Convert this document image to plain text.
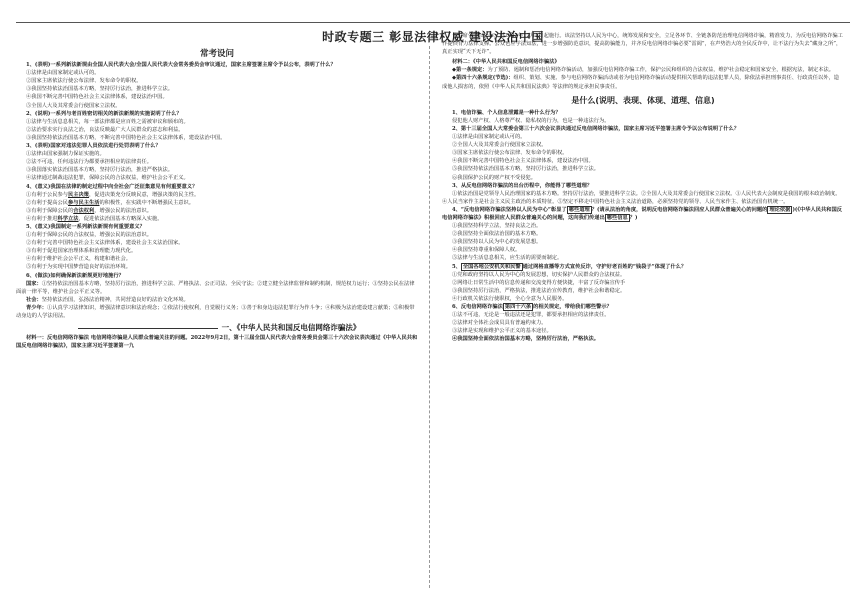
时政专题三 彰显法律权威 建设法治中国
常考设问

1、(表明)一系列新法新规由全国人民代表大会/全国人民代表大会常务委员会审议通过，国家主席签署主席令予以公布，表明了什么？

①法律是由国家制定或认可的。

②国家主席依法行使公布法律、发布命令的职权。

③我国坚持依法治国基本方略，坚持厉行法治，推进科学立法。

④我国不断完善中国特色社会主义法律体系，建设法治中国。

⑤全国人大及其常委会行使国家立法权。

2、(说明)一系列与老百姓密切相关的新法新规的实施说明了什么？

①法律与生活息息相关，每一部法律都是应百姓之需被审议和颁布的。

②法治要求实行良法之治，良法反映最广大人民群众的意志和利益。

③我国坚持依法治国基本方略，不断完善中国特色社会主义法律体系，建设法治中国。

3、(表明)国家对违法犯罪人员依法进行处罚表明了什么？

①法律由国家强制力保证实施的。

②法不可违，任何违法行为都要承担相应的法律责任。

③我国落实依法治国基本方略，坚持厉行法治，推进严格执法。

④法律通过制裁违法犯罪，保障公民的合法权益，维护社会公平正义。

4、(意义)我国在法律的制定过程中向全社会广泛征集意见有何重要意义？

①有利于公民参与民主决策，促进决策充分反映民意，增强决策的民主性。

②有利于提高公民参与民主生活的积极性，在实践中不断增强民主意识。

③有利于保障公民的合法权利，增强公民的法治意识。

④有利于推进科学立法，促进依法治国基本方略深入实施。

5、(意义)我国制定一系列新法新规有何重要意义？

①有利于保障公民的合法权益，增强公民的法治意识。

②有利于完善中国特色社会主义法律体系，建设社会主义法治国家。

③有利于促进国家治理体系和治理能力现代化。

④有利于维护社会公平正义，构建和谐社会。

⑤有利于为实现中国梦营造良好的法治环境。

6、(做法)如何确保新法新规更好地施行？

国家：①坚持依法治国基本方略，坚持厉行法治，推进科学立法、严格执法、公正司法、全民守法；②建立健全法律监督和制约机制，规范权力运行；③坚持公民在法律面前一律平等，维护社会公平正义等。

社会：坚持依法治国，弘扬法治精神，共同营造良好的法治文化环境。

青少年：①认真学习法律知识，增强法律意识和法治观念；②依法行使权利，自觉履行义务；③善于和身边违法犯罪行为作斗争；④积极为法治建设建言献策；⑤积极带动身边的人学法用法。

一、《中华人民共和国反电信网络诈骗法》

材料一：反电信网络诈骗法 电信网络诈骗是人民群众普遍关注的问题。2022年9月2日，第十三届全国人民代表大会常务委员会第三十六次会议表决通过《中华人民共和国反电信网络诈骗法》，国家主席习近平签署第一九

号主席令予以公布，自2022年12月1日起施行。该法坚持以人民为中心，统筹发展和安全，立足各环节、全链条防范治理电信网络诈骗，精准发力，为反电信网络诈骗工作提供有力法律支撑。公众也应学法知法，进一步增强防范意识，提高防骗能力，并齐反电信网络诈骗必要“雷阔”，在声势浩大的全民反诈中，让不法行为失去“藏身之所”，真正实现“天下无诈”。

材料二：《中华人民共和国反电信网络诈骗法》

◆第一条规定：为了预防、遏制和惩治电信网络诈骗活动，加强反电信网络诈骗工作，保护公民和组织的合法权益，维护社会稳定和国家安全，根据宪法，制定本法。

◆第四十六条规定(节选)：组织、策划、实施、参与电信网络诈骗活动或者为电信网络诈骗活动提供相关帮助的违法犯罪人员，除依法承担刑事责任、行政责任以外，造成他人损害的，依照《中华人民共和国民法典》等法律的规定承担民事责任。

是什么(说明、表现、体现、道理、信息)

1、电信诈骗、个人信息泄露是一种什么行为？

侵犯他人财产权、人格尊严权、隐私权的行为，也是一种违法行为。

2、第十三届全国人大常委会第三十六次会议表决通过反电信网络诈骗法，国家主席习近平签署主席令予以公布说明了什么？

①法律是由国家制定或认可的。

②全国人大及其常委会行使国家立法权。

③国家主席依法行使公布法律、发布命令的职权。

④我国不断完善中国特色社会主义法律体系，建设法治中国。

⑤我国坚持依法治国基本方略，坚持厉行法治，推进科学立法。

⑥我国保护公民的财产权不受侵犯。

3、从反电信网络诈骗法的出台历程中，你能得了哪些道理？

①依法治国是党领导人民治理国家的基本方略。坚持厉行法治，要推进科学立法。②全国人大及其常委会行使国家立法权。③人民代表大会制度是我国的根本政治制度。④人民当家作主是社会主义民主政治的本质特征。⑤坚定不移走中国特色社会主义法治道路，必须坚持党的领导、人民当家作主、依法治国有机统一。

4、“反电信网络诈骗法坚持以人民为中心”彰显了 哪些道理 ？(请从法治的角度，说明反电信网络诈骗法回应人民群众普遍关心的问题的 理论依据 )(《中华人民共和国反电信网络诈骗法》积极回应人民群众普遍关心的问题，这向我们传递出 哪些信息 ？)

①我国坚持科学立法，坚持良法之治。

②我国坚持全面依法治国的基本方略。

③我国坚持以人民为中心的发展思想。

④我国坚持尊重和保障人权。

⑤法律与生活息息相关，应生活的需要而制定。

5、 全国各地公安机关和民警 通过网格直播等方式宣传反诈，守护好老百姓的“钱袋子”体现了什么？

①党和政府坚持以人民为中心的发展思想，切实保护人民群众的合法权益。

②网络让日常生活中的信息传递和交流变得方便快捷，丰富了反诈骗宣传手

③我国坚持厉行法治，严格执法，推进法治宣传教育，维护社会和谐稳定。

④行政机关依法行使职权，全心全意为人民服务。

6、反电信网络诈骗法 第四十六条 的相关规定，带给我们哪些警示？

①法不可违，无论是一般违法还是犯罪，都要承担相应的法律责任。

②法律对全体社会成员具有普遍约束力。

③法律是实现和维护公平正义的基本途径。

④我国坚持全面依法治国基本方略，坚持厉行法治，严格执法。
